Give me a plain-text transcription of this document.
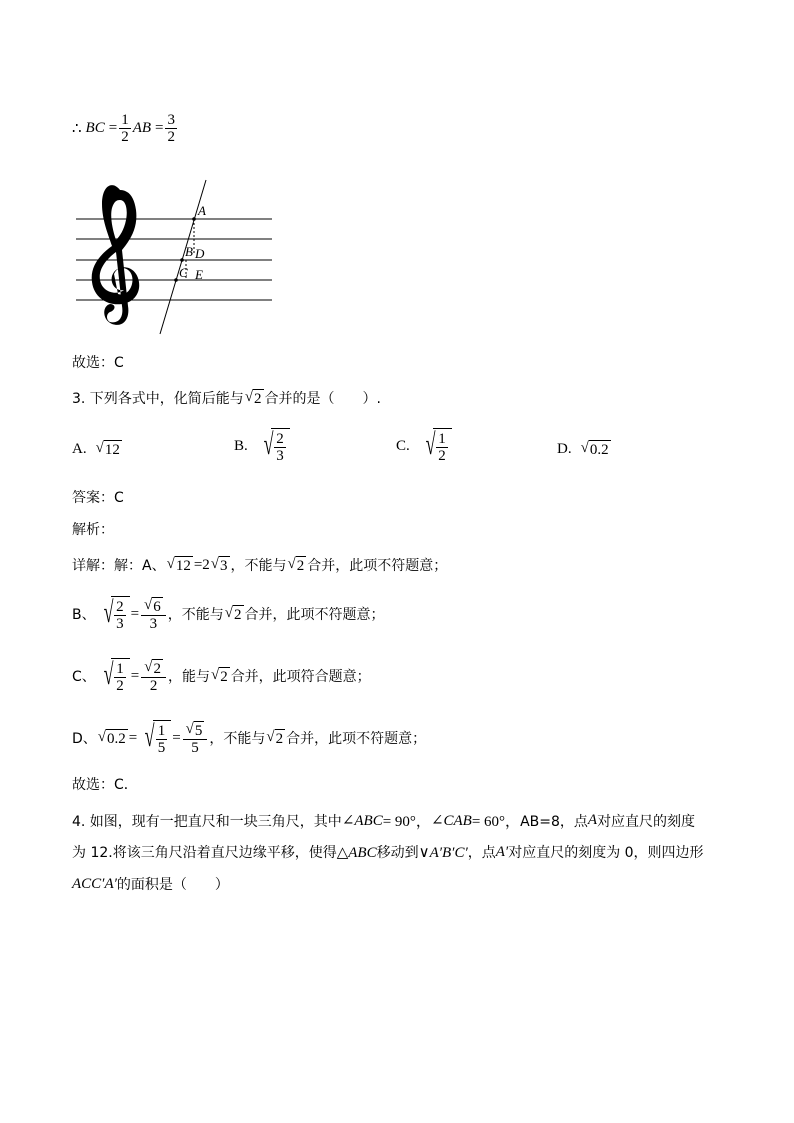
∴ BC = $\frac{1}{2}$ AB = $\frac{3}{2}$
A
B D
C E
故选：C
3. 下列各式中，化简后能与 √ 2 合并的是（　　）.
A. √ 12	B. √ $\frac{2}{3}$	C. √ $\frac{1}{2}$	D. √ 0.2
答案：C
解析：
详解：解：A、 √ 12 = 2 √ 3 ，不能与 √ 2 合并，此项不符题意；
B、 √ $\frac{2}{3} = \frac{√ 6}{3}$ ，不能与 √ 2 合并，此项不符题意；
C、 √ $\frac{1}{2} = \frac{√ 2}{2}$ ，能与 √ 2 合并，此项符合题意；
D、 √ 0.2 = √ $\frac{1}{5} = \frac{√ 5}{5}$ ，不能与 √ 2 合并，此项不符题意；
故选：C．
4. 如图，现有一把直尺和一块三角尺，其中 ∠ABC = 90°， ∠CAB = 60°， AB=8，点 A 对应直尺的刻度
为 12.将该三角尺沿着直尺边缘平移，使得 △ABC 移动到 ∨A′B′C′ ，点 A′ 对应直尺的刻度为 0，则四边形
ACC′A′ 的面积是（　　）
